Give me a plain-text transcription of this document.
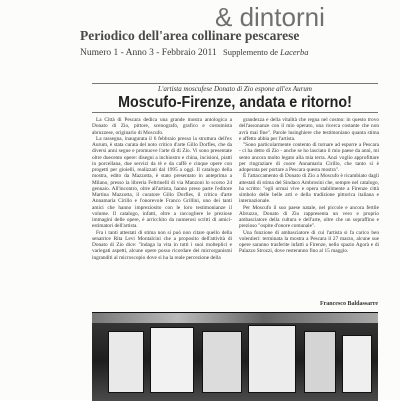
& dintorni
Periodico dell'area collinare pescarese
Numero 1 - Anno 3 - Febbraio 2011 Supplemento de Lacerba
L'artista moscufese Donato di Zio espone all'ex Aurum
Moscufo-Firenze, andata e ritorno!

La Città di Pescara dedica una grande mostra antologica a Donato di Zio, pittore, scenografo, grafico e costumista abruzzese, originario di Moscufo.

La rassegna, inaugurata il 6 febbraio presso la struttura dell'ex Aurum, è stata curata del noto critico d'arte Gillo Dorfles, che da diversi anni segue e promuove l'arte di di Zio. Vi sono presentate oltre duecento opere: disegni a inchiostro e china, incisioni, piatti in porcellana, due servizi da tè e da caffè e cinque opere con progetti per gioielli, realizzati dal 1995 a oggi. Il catalogo della mostra, edito da Mazzotta, è stato presentato in anteprima a Milano, presso la libreria Feltrinelli di via Manzoni lo scorso 24 gennaio. All'incontro, oltre all'artista, hanno preso parte l'editore Martina Mazzotta, il curatore Gillo Dorfles, il critico d'arte Annamaria Cirillo e l'onorevole Franco Grillini, uno dei tanti amici che hanno impreziosito con le loro testimonianze il volume. Il catalogo, infatti, oltre a raccogliere le preziose immagini delle opere, è arricchito da numerosi scritti di amici-estimatori dell'artista.

Fra i tanti attestati di stima non si può non citare quello della senatrice Rita Levi Montalcini che a proposito dell'attività di Donato di Zio dice: "indaga la vita in tutti i suoi molteplici e variegati aspetti, alcune opere posso ricordare dei microrganismi ingranditi al microscopio dove si ha la reale percezione della

grandezza e della vitalità che regna nel cosmo: in questo trovo dell'assonanze con il mio operato, una ricerca costante che non avrà mai fine". Parole lusinghiere che testimoniano quanta stima e affetto abbia per l'artista.

"Sono particolarmente contento di tornare ad esporre a Pescara - ci ha detto di Zio - anche se ho lasciato il mio paese da anni, mi sento ancora molto legato alla mia terra. Anzi voglio approfittare per ringraziare di cuore Annamaria Cirillo, che tanto si è adoperata per portare a Pescara questa mostra".

È l'attaccamento di Donato di Zio a Moscufo è ricambiato dagli attestati di stima del Sindaco Ambrosini che, sempre nel catalogo, ha scritto: "egli ormai vive e opera stabilmente a Firenze città simbolo delle belle arti e della tradizione pittorica italiana e internazionale.

Per Moscufo il suo paese natale, nel piccole e ancora fertile Abruzzo, Donato di Zio rappresenta un vero e proprio ambasciatore della cultura e dell'arte, oltre che un sopraffino e prezioso "ospite d'onore comunale".

Una funzione di ambasciatore di cui l'artista si fa carico ben volentieri: terminata la mostra a Pescara il 27 marzo, alcune sue opere saranno trasferite infatti a Firenze, nello spazio Agorà e di Palazzo Strozzi, dove resteranno fino al 15 maggio.

Francesco Baldassarre
